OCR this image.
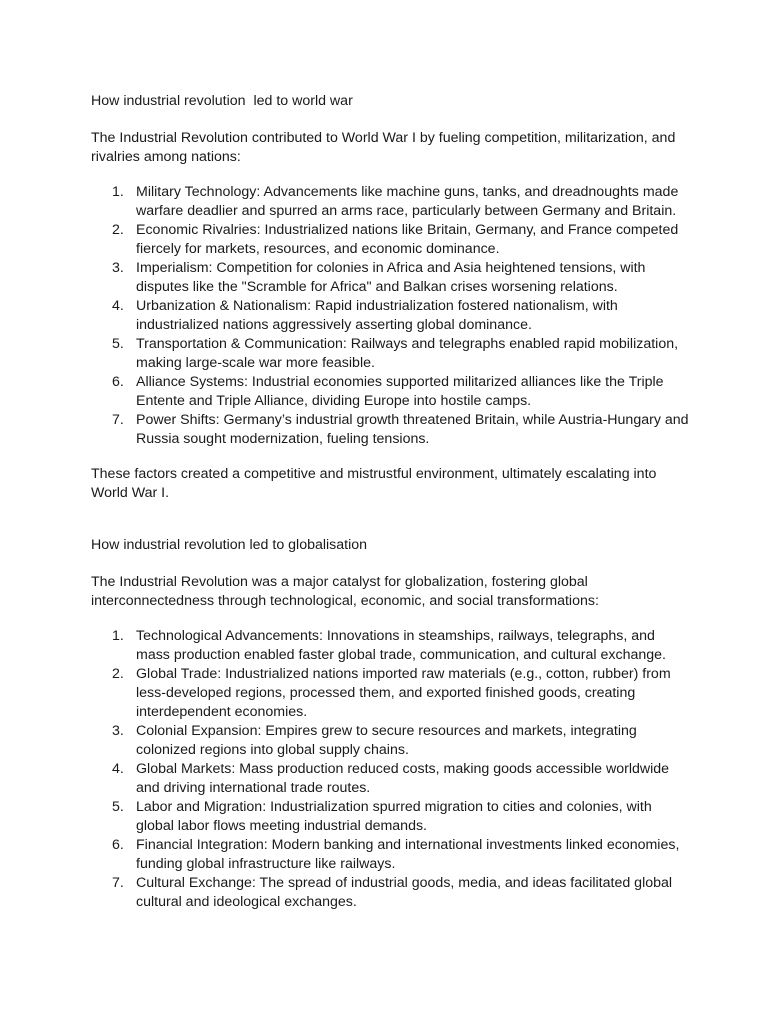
How industrial revolution  led to world war

The Industrial Revolution contributed to World War I by fueling competition, militarization, and rivalries among nations:

1. Military Technology: Advancements like machine guns, tanks, and dreadnoughts made warfare deadlier and spurred an arms race, particularly between Germany and Britain.
2. Economic Rivalries: Industrialized nations like Britain, Germany, and France competed fiercely for markets, resources, and economic dominance.
3. Imperialism: Competition for colonies in Africa and Asia heightened tensions, with disputes like the "Scramble for Africa" and Balkan crises worsening relations.
4. Urbanization & Nationalism: Rapid industrialization fostered nationalism, with industrialized nations aggressively asserting global dominance.
5. Transportation & Communication: Railways and telegraphs enabled rapid mobilization, making large-scale war more feasible.
6. Alliance Systems: Industrial economies supported militarized alliances like the Triple Entente and Triple Alliance, dividing Europe into hostile camps.
7. Power Shifts: Germany’s industrial growth threatened Britain, while Austria-Hungary and Russia sought modernization, fueling tensions.

These factors created a competitive and mistrustful environment, ultimately escalating into World War I.

How industrial revolution led to globalisation

The Industrial Revolution was a major catalyst for globalization, fostering global interconnectedness through technological, economic, and social transformations:

1. Technological Advancements: Innovations in steamships, railways, telegraphs, and mass production enabled faster global trade, communication, and cultural exchange.
2. Global Trade: Industrialized nations imported raw materials (e.g., cotton, rubber) from less-developed regions, processed them, and exported finished goods, creating interdependent economies.
3. Colonial Expansion: Empires grew to secure resources and markets, integrating colonized regions into global supply chains.
4. Global Markets: Mass production reduced costs, making goods accessible worldwide and driving international trade routes.
5. Labor and Migration: Industrialization spurred migration to cities and colonies, with global labor flows meeting industrial demands.
6. Financial Integration: Modern banking and international investments linked economies, funding global infrastructure like railways.
7. Cultural Exchange: The spread of industrial goods, media, and ideas facilitated global cultural and ideological exchanges.
